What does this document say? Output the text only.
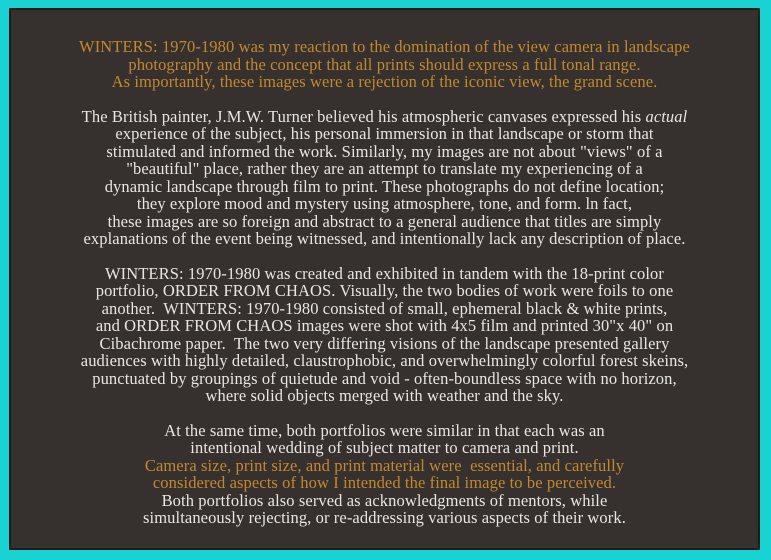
WINTERS: 1970-1980 was my reaction to the domination of the view camera in landscape
photography and the concept that all prints should express a full tonal range.
As importantly, these images were a rejection of the iconic view, the grand scene.
The British painter, J.M.W. Turner believed his atmospheric canvases expressed his actual
experience of the subject, his personal immersion in that landscape or storm that
stimulated and informed the work. Similarly, my images are not about "views" of a
"beautiful" place, rather they are an attempt to translate my experiencing of a
dynamic landscape through film to print. These photographs do not define location;
they explore mood and mystery using atmosphere, tone, and form. ln fact,
these images are so foreign and abstract to a general audience that titles are simply
explanations of the event being witnessed, and intentionally lack any description of place.
WINTERS: 1970-1980 was created and exhibited in tandem with the 18-print color
portfolio, ORDER FROM CHAOS. Visually, the two bodies of work were foils to one
another.  WINTERS: 1970-1980 consisted of small, ephemeral black & white prints,
and ORDER FROM CHAOS images were shot with 4x5 film and printed 30"x 40" on
Cibachrome paper.  The two very differing visions of the landscape presented gallery
audiences with highly detailed, claustrophobic, and overwhelmingly colorful forest skeins,
punctuated by groupings of quietude and void - often-boundless space with no horizon,
where solid objects merged with weather and the sky.
At the same time, both portfolios were similar in that each was an
intentional wedding of subject matter to camera and print.
Camera size, print size, and print material were  essential, and carefully
considered aspects of how I intended the final image to be perceived.
Both portfolios also served as acknowledgments of mentors, while
simultaneously rejecting, or re-addressing various aspects of their work.
